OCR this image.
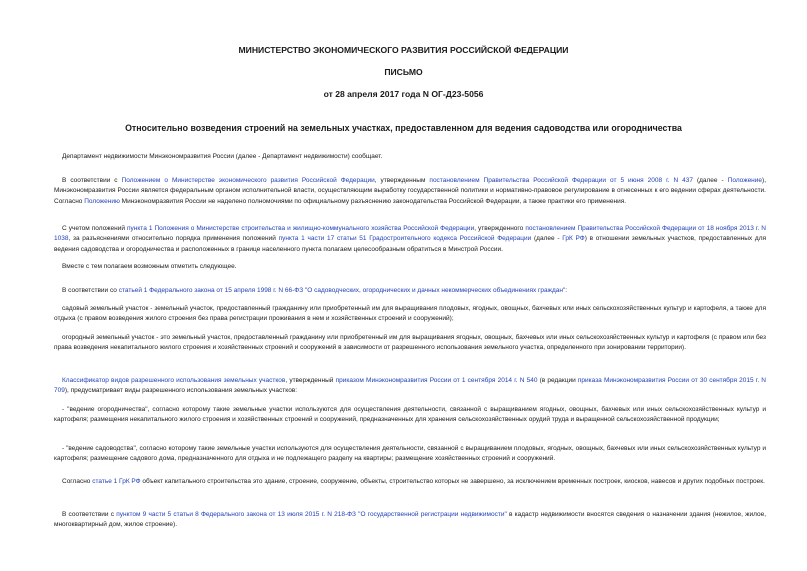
МИНИСТЕРСТВО ЭКОНОМИЧЕСКОГО РАЗВИТИЯ РОССИЙСКОЙ ФЕДЕРАЦИИ
ПИСЬМО
от 28 апреля 2017 года N ОГ-Д23-5056
Относительно возведения строений на земельных участках, предоставленном для ведения садоводства или огородничества
Департамент недвижимости Минэкономразвития России (далее - Департамент недвижимости) сообщает.
В соответствии с Положением о Министерстве экономического развития Российской Федерации, утвержденным постановлением Правительства Российской Федерации от 5 июня 2008 г. N 437 (далее - Положение), Минэкономразвития России является федеральным органом исполнительной власти, осуществляющим выработку государственной политики и нормативно-правовое регулирование в отнесенных к его ведении сферах деятельности. Согласно Положению Минэкономразвития России не наделено полномочиями по официальному разъяснению законодательства Российской Федерации, а также практики его применения.
С учетом положений пункта 1 Положения о Министерстве строительства и жилищно-коммунального хозяйства Российской Федерации, утвержденного постановлением Правительства Российской Федерации от 18 ноября 2013 г. N 1038, за разъяснениями относительно порядка применения положений пункта 1 части 17 статьи 51 Градостроительного кодекса Российской Федерации (далее - ГрК РФ) в отношении земельных участков, предоставленных для ведения садоводства и огородничества и расположенных в границе населенного пункта полагаем целесообразным обратиться в Минстрой России.
Вместе с тем полагаем возможным отметить следующее.
В соответствии со статьей 1 Федерального закона от 15 апреля 1998 г. N 66-ФЗ "О садоводческих, огороднических и дачных некоммерческих объединениях граждан":
садовый земельный участок - земельный участок, предоставленный гражданину или приобретенный им для выращивания плодовых, ягодных, овощных, бахчевых или иных сельскохозяйственных культур и картофеля, а также для отдыха (с правом возведения жилого строения без права регистрации проживания в нем и хозяйственных строений и сооружений);
огородный земельный участок - это земельный участок, предоставленный гражданину или приобретенный им для выращивания ягодных, овощных, бахчевых или иных сельскохозяйственных культур и картофеля (с правом или без права возведения некапитального жилого строения и хозяйственных строений и сооружений в зависимости от разрешенного использования земельного участка, определенного при зонировании территории).
Классификатор видов разрешенного использования земельных участков, утвержденный приказом Минэкономразвития России от 1 сентября 2014 г. N 540 (в редакции приказа Минэкономразвития России от 30 сентября 2015 г. N 709), предусматривает виды разрешенного использования земельных участков:
- "ведение огородничества", согласно которому такие земельные участки используются для осуществления деятельности, связанной с выращиванием ягодных, овощных, бахчевых или иных сельскохозяйственных культур и картофеля; размещения некапитального жилого строения и хозяйственных строений и сооружений, предназначенных для хранения сельскохозяйственных орудий труда и выращенной сельскохозяйственной продукции;
- "ведение садоводства", согласно которому такие земельные участки используются для осуществления деятельности, связанной с выращиванием плодовых, ягодных, овощных, бахчевых или иных сельскохозяйственных культур и картофеля; размещение садового дома, предназначенного для отдыха и не подлежащего разделу на квартиры; размещение хозяйственных строений и сооружений.
Согласно статье 1 ГрК РФ объект капитального строительства это здание, строение, сооружение, объекты, строительство которых не завершено, за исключением временных построек, киосков, навесов и других подобных построек.
В соответствии с пунктом 9 части 5 статьи 8 Федерального закона от 13 июля 2015 г. N 218-ФЗ "О государственной регистрации недвижимости" в кадастр недвижимости вносятся сведения о назначении здания (нежилое, жилое, многоквартирный дом, жилое строение).
